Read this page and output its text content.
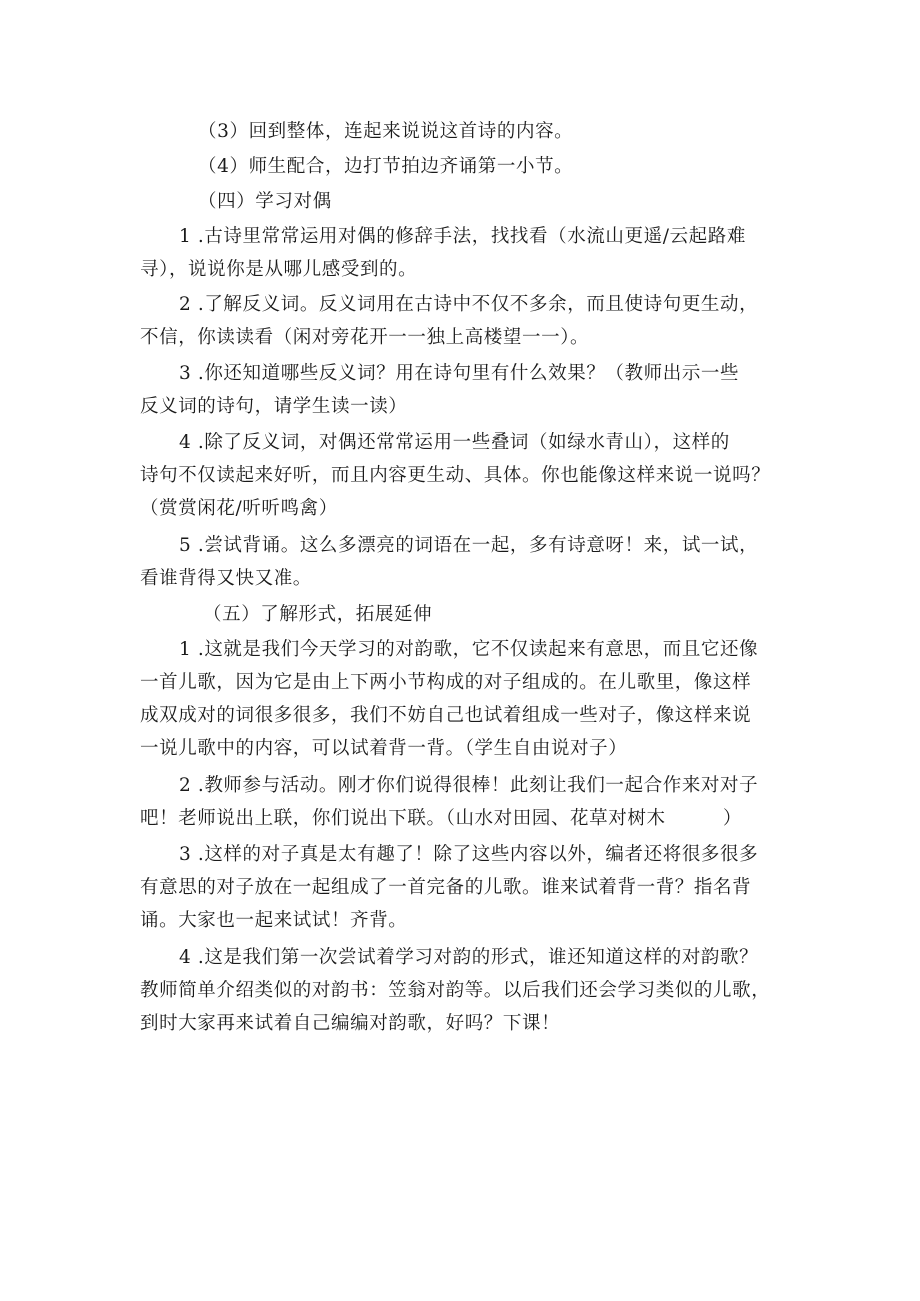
（3）回到整体，连起来说说这首诗的内容。
（4）师生配合，边打节拍边齐诵第一小节。
（四）学习对偶
1 .古诗里常常运用对偶的修辞手法，找找看（水流山更遥/云起路难
寻），说说你是从哪儿感受到的。
2 .了解反义词。反义词用在古诗中不仅不多余，而且使诗句更生动，
不信，你读读看（闲对旁花开一一独上高楼望一一）。
3 .你还知道哪些反义词？用在诗句里有什么效果？（教师出示一些
反义词的诗句，请学生读一读）
4 .除了反义词，对偶还常常运用一些叠词（如绿水青山），这样的
诗句不仅读起来好听，而且内容更生动、具体。你也能像这样来说一说吗？
（赏赏闲花/听听鸣禽）
5 .尝试背诵。这么多漂亮的词语在一起，多有诗意呀！来，试一试，
看谁背得又快又准。
（五）了解形式，拓展延伸
1 .这就是我们今天学习的对韵歌，它不仅读起来有意思，而且它还像
一首儿歌，因为它是由上下两小节构成的对子组成的。在儿歌里，像这样
成双成对的词很多很多，我们不妨自己也试着组成一些对子，像这样来说
一说儿歌中的内容，可以试着背一背。（学生自由说对子）
2 .教师参与活动。刚才你们说得很棒！此刻让我们一起合作来对对子
吧！老师说出上联，你们说出下联。（山水对田园、花草对树木　　　）
3 .这样的对子真是太有趣了！除了这些内容以外，编者还将很多很多
有意思的对子放在一起组成了一首完备的儿歌。谁来试着背一背？指名背
诵。大家也一起来试试！齐背。
4 .这是我们第一次尝试着学习对韵的形式，谁还知道这样的对韵歌？
教师简单介绍类似的对韵书：笠翁对韵等。以后我们还会学习类似的儿歌，
到时大家再来试着自己编编对韵歌，好吗？下课！
